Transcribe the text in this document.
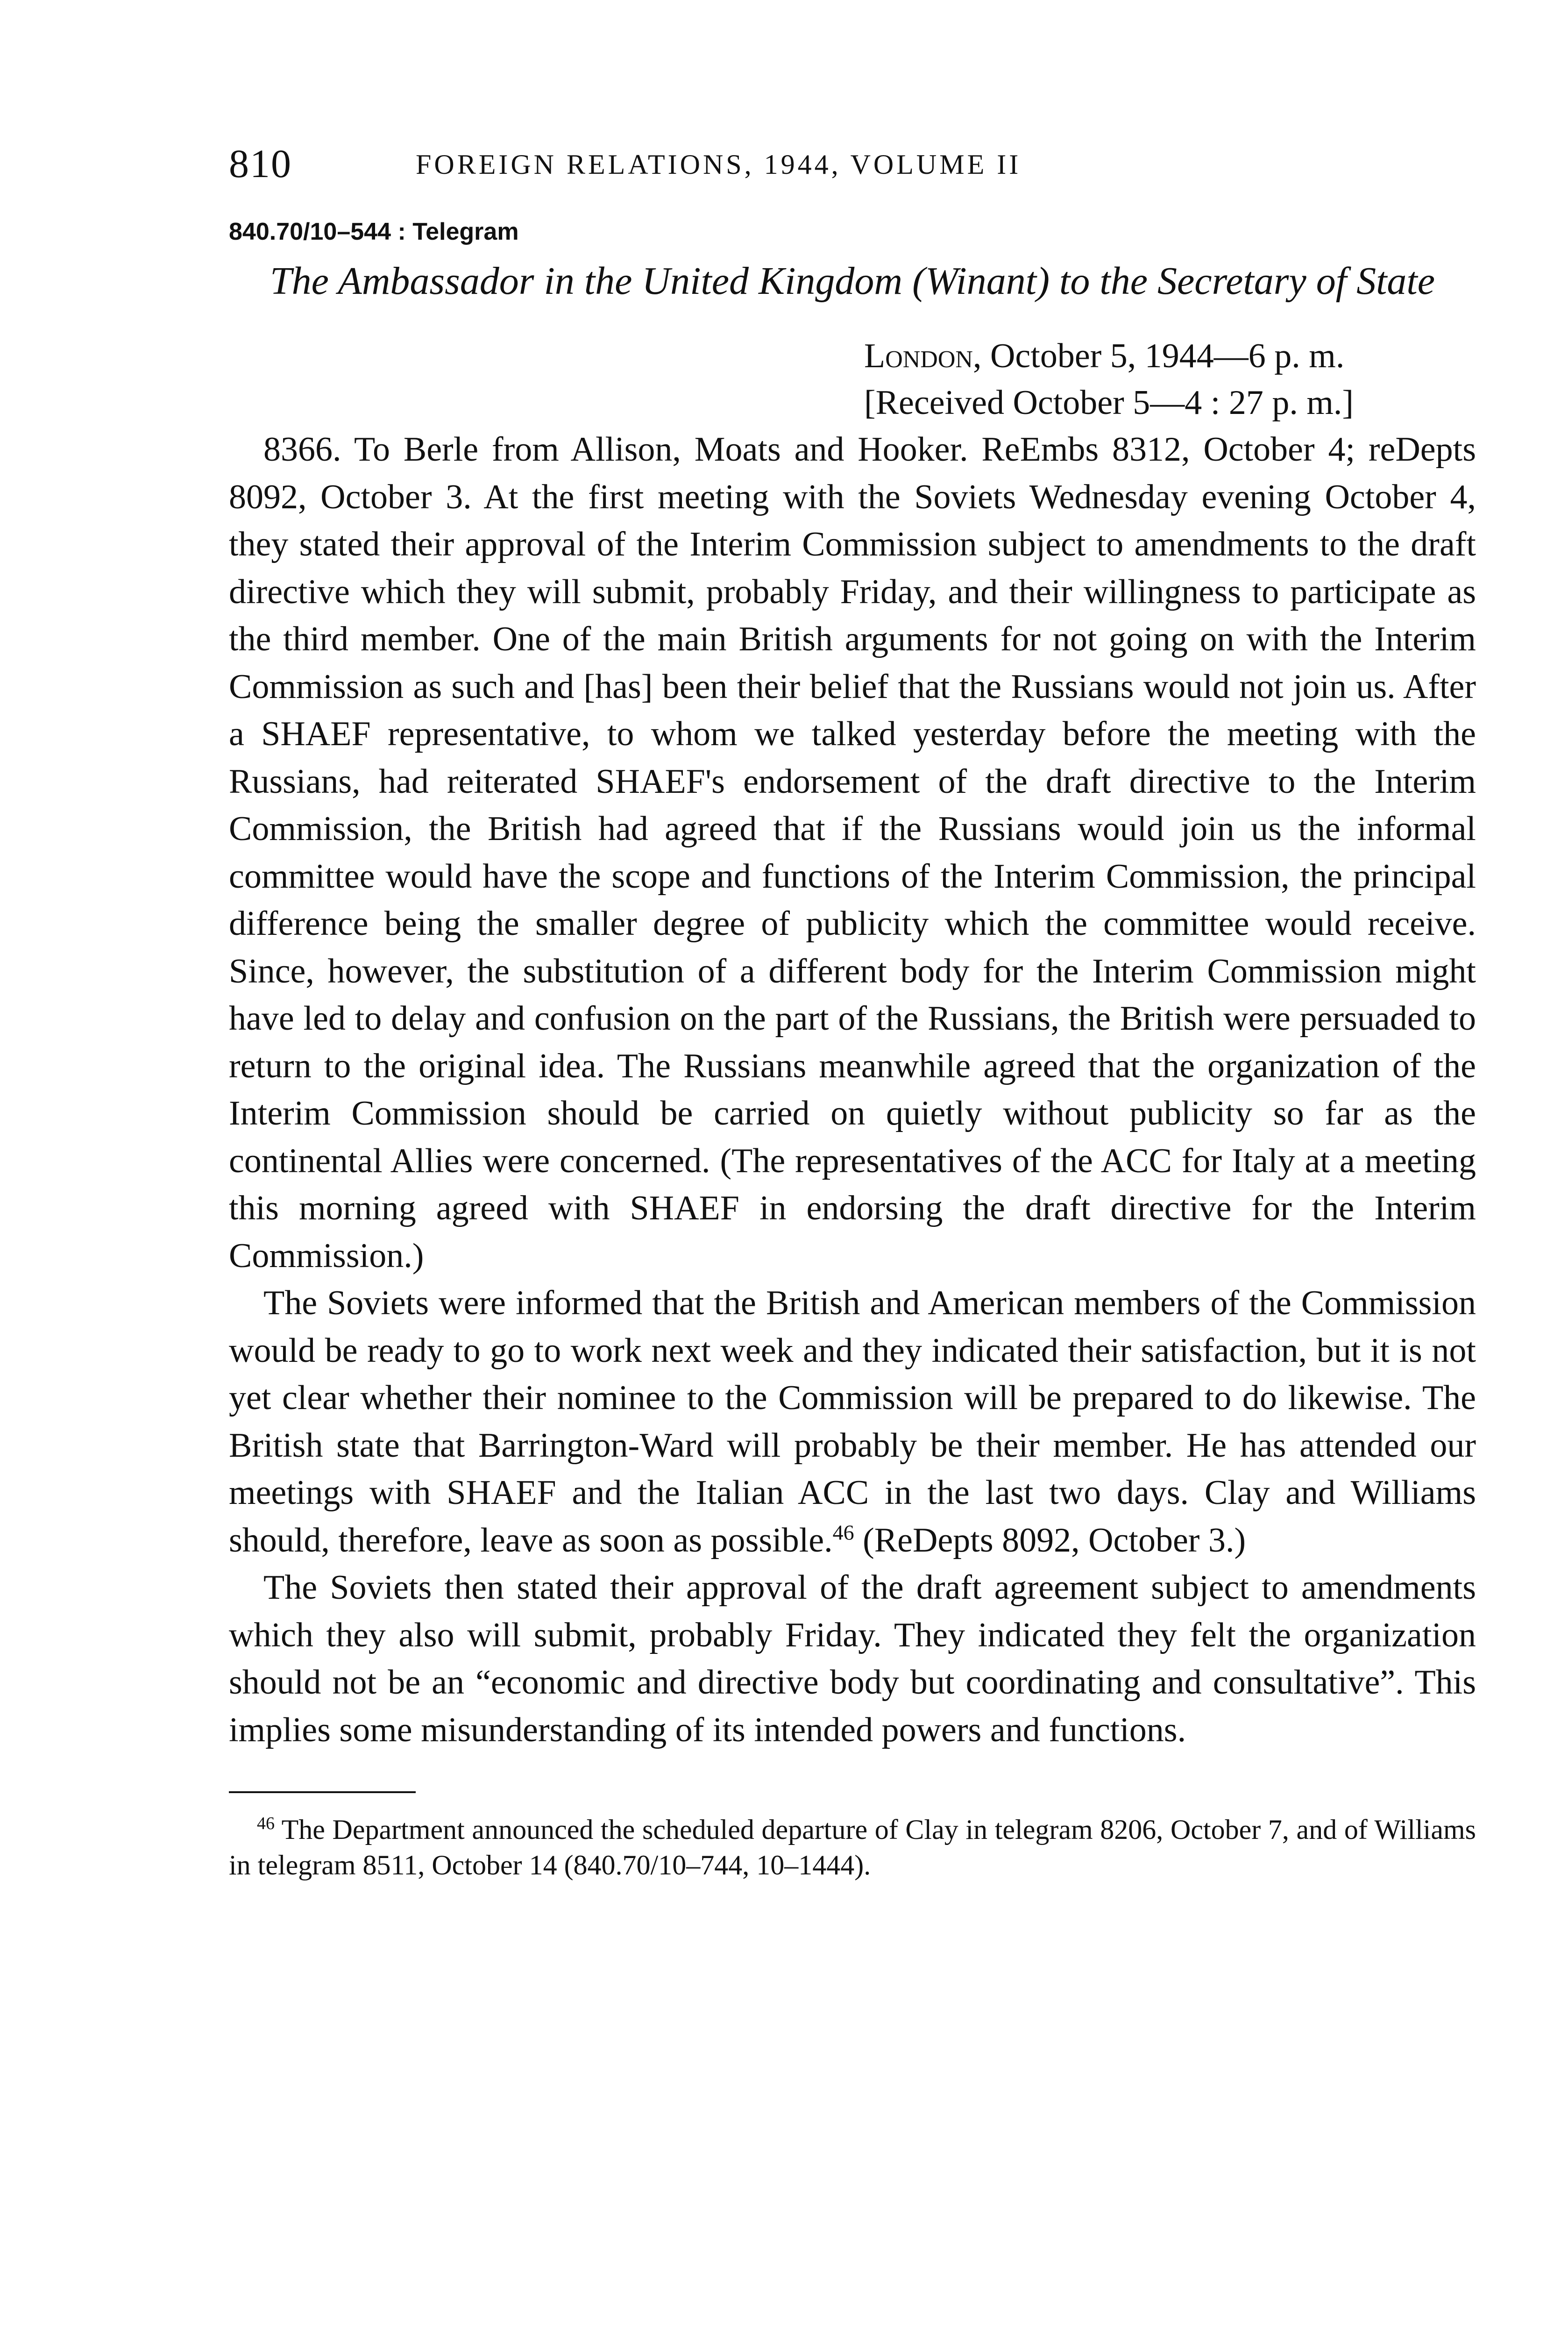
810	FOREIGN RELATIONS, 1944, VOLUME II
840.70/10–544 : Telegram
The Ambassador in the United Kingdom (Winant) to the Secretary of State
London, October 5, 1944—6 p. m.
[Received October 5—4 : 27 p. m.]

8366. To Berle from Allison, Moats and Hooker. ReEmbs 8312, October 4; reDepts 8092, October 3. At the first meeting with the Soviets Wednesday evening October 4, they stated their approval of the Interim Commission subject to amendments to the draft directive which they will submit, probably Friday, and their willingness to participate as the third member. One of the main British arguments for not going on with the Interim Commission as such and [has] been their belief that the Russians would not join us. After a SHAEF representative, to whom we talked yesterday before the meeting with the Russians, had reiterated SHAEF's endorsement of the draft directive to the Interim Commission, the British had agreed that if the Russians would join us the informal committee would have the scope and functions of the Interim Commission, the principal difference being the smaller degree of publicity which the committee would receive. Since, however, the substitution of a different body for the Interim Commission might have led to delay and confusion on the part of the Russians, the British were persuaded to return to the original idea. The Russians meanwhile agreed that the organization of the Interim Commission should be carried on quietly without publicity so far as the continental Allies were concerned. (The representatives of the ACC for Italy at a meeting this morning agreed with SHAEF in endorsing the draft directive for the Interim Commission.)

The Soviets were informed that the British and American members of the Commission would be ready to go to work next week and they indicated their satisfaction, but it is not yet clear whether their nominee to the Commission will be prepared to do likewise. The British state that Barrington-Ward will probably be their member. He has attended our meetings with SHAEF and the Italian ACC in the last two days. Clay and Williams should, therefore, leave as soon as possible.$^{46}$ (ReDepts 8092, October 3.)

The Soviets then stated their approval of the draft agreement subject to amendments which they also will submit, probably Friday. They indicated they felt the organization should not be an “economic and directive body but coordinating and consultative”. This implies some misunderstanding of its intended powers and functions.

$^{46}$ The Department announced the scheduled departure of Clay in telegram 8206, October 7, and of Williams in telegram 8511, October 14 (840.70/10–744, 10–1444).
